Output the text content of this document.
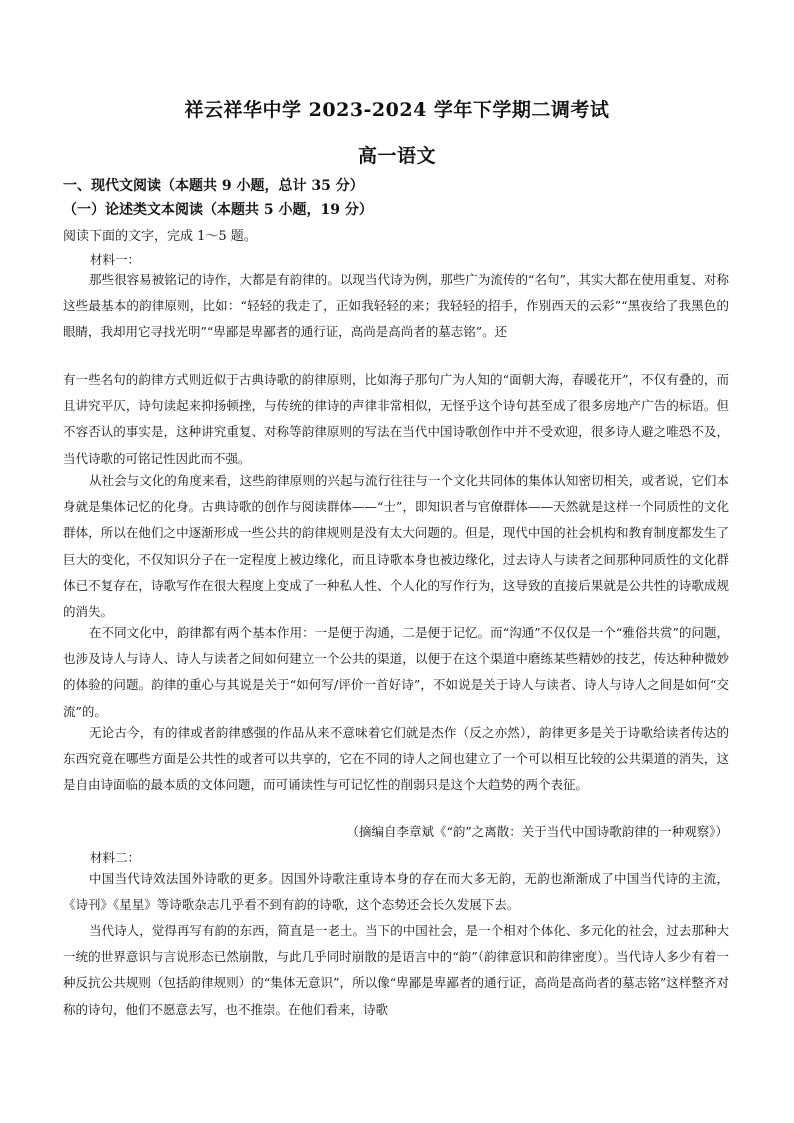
祥云祥华中学 2023-2024 学年下学期二调考试
高一语文
一、现代文阅读（本题共 9 小题，总计 35 分）
（一）论述类文本阅读（本题共 5 小题，19 分）
阅读下面的文字，完成 1～5 题。
材料一：

那些很容易被铭记的诗作，大都是有韵律的。以现当代诗为例，那些广为流传的“名句”，其实大都在使用重复、对称这些最基本的韵律原则，比如：“轻轻的我走了，正如我轻轻的来；我轻轻的招手，作别西天的云彩”“黑夜给了我黑色的眼睛，我却用它寻找光明”“卑鄙是卑鄙者的通行证，高尚是高尚者的墓志铭”。还

有一些名句的韵律方式则近似于古典诗歌的韵律原则，比如海子那句广为人知的“面朝大海，春暖花开”，不仅有叠的，而且讲究平仄，诗句读起来抑扬顿挫，与传统的律诗的声律非常相似，无怪乎这个诗句甚至成了很多房地产广告的标语。但不容否认的事实是，这种讲究重复、对称等韵律原则的写法在当代中国诗歌创作中并不受欢迎，很多诗人避之唯恐不及，当代诗歌的可铭记性因此而不强。

从社会与文化的角度来看，这些韵律原则的兴起与流行往往与一个文化共同体的集体认知密切相关，或者说，它们本身就是集体记忆的化身。古典诗歌的创作与阅读群体——“士”，即知识者与官僚群体——天然就是这样一个同质性的文化群体，所以在他们之中逐渐形成一些公共的韵律规则是没有太大问题的。但是，现代中国的社会机构和教育制度都发生了巨大的变化，不仅知识分子在一定程度上被边缘化，而且诗歌本身也被边缘化，过去诗人与读者之间那种同质性的文化群体已不复存在，诗歌写作在很大程度上变成了一种私人性、个人化的写作行为，这导致的直接后果就是公共性的诗歌成规的消失。

在不同文化中，韵律都有两个基本作用：一是便于沟通，二是便于记忆。而“沟通”不仅仅是一个“雅俗共赏”的问题，也涉及诗人与诗人、诗人与读者之间如何建立一个公共的渠道，以便于在这个渠道中磨练某些精妙的技艺，传达种种微妙的体验的问题。韵律的重心与其说是关于“如何写/评价一首好诗”，不如说是关于诗人与读者、诗人与诗人之间是如何“交流”的。

无论古今，有的律或者韵律感强的作品从来不意味着它们就是杰作（反之亦然），韵律更多是关于诗歌给读者传达的东西究竟在哪些方面是公共性的或者可以共享的，它在不同的诗人之间也建立了一个可以相互比较的公共渠道的消失，这是自由诗面临的最本质的文体问题，而可诵读性与可记忆性的削弱只是这个大趋势的两个表征。

（摘编自李章斌《“韵”之离散：关于当代中国诗歌韵律的一种观察》）
材料二：

中国当代诗效法国外诗歌的更多。因国外诗歌注重诗本身的存在而大多无韵，无韵也渐渐成了中国当代诗的主流，《诗刊》《星星》等诗歌杂志几乎看不到有韵的诗歌，这个态势还会长久发展下去。

当代诗人，觉得再写有韵的东西，简直是一老土。当下的中国社会，是一个相对个体化、多元化的社会，过去那种大一统的世界意识与言说形态已然崩散，与此几乎同时崩散的是语言中的“韵”（韵律意识和韵律密度）。当代诗人多少有着一种反抗公共规则（包括韵律规则）的“集体无意识”，所以像“卑鄙是卑鄙者的通行证，高尚是高尚者的墓志铭”这样整齐对称的诗句，他们不愿意去写，也不推崇。在他们看来，诗歌
